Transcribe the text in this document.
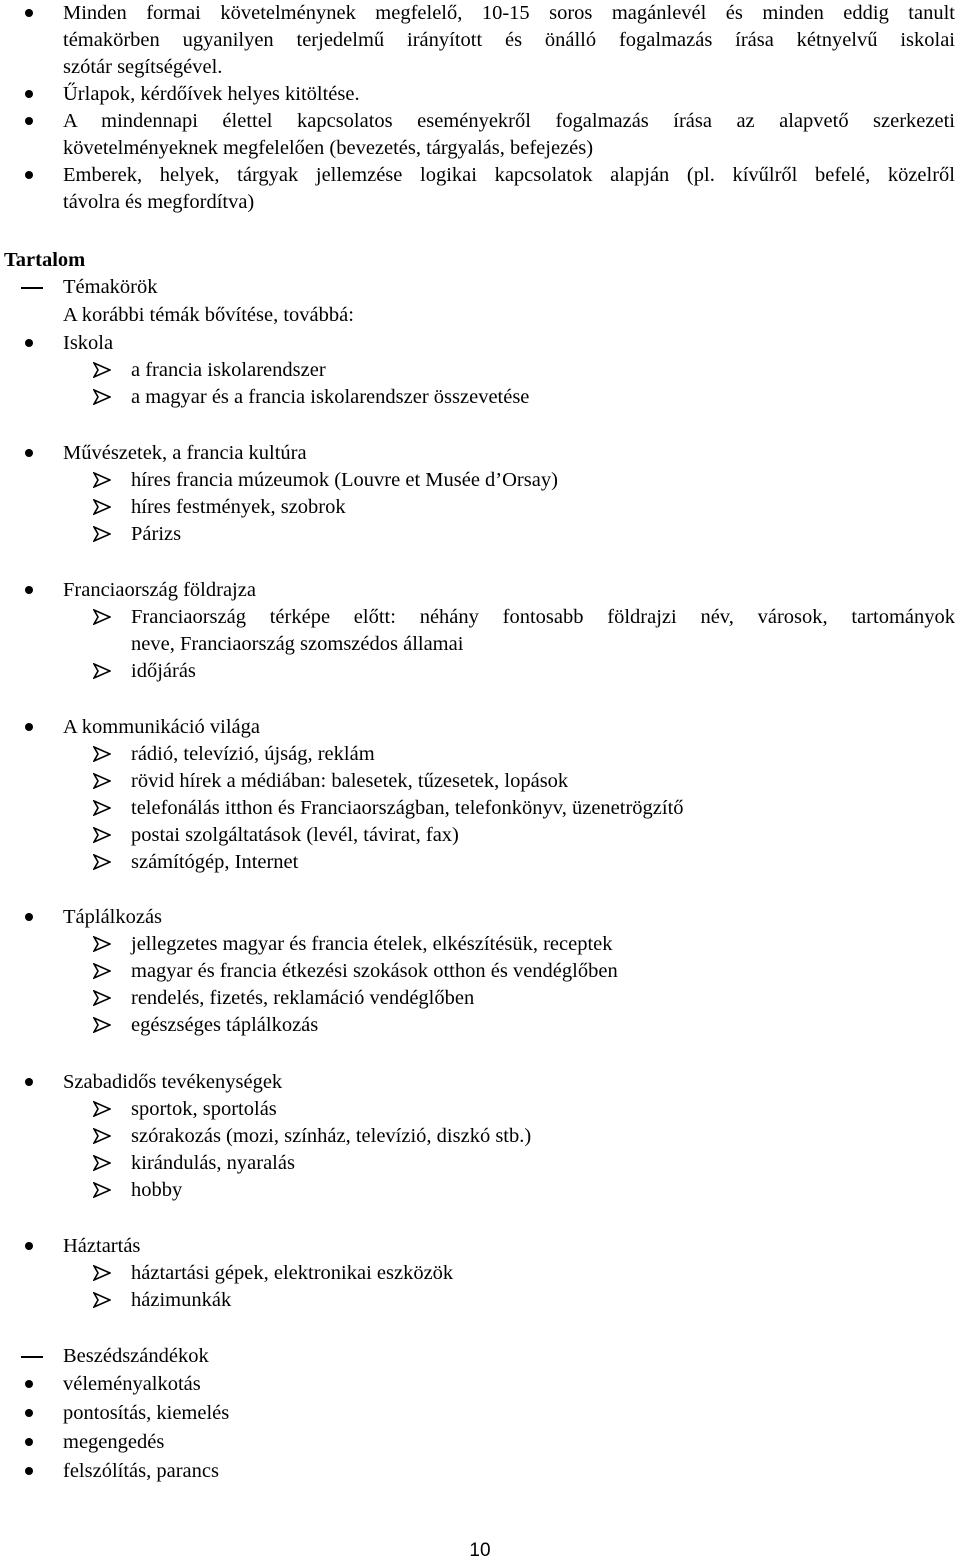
Minden formai követelménynek megfelelő, 10-15 soros magánlevél és minden eddig tanult
témakörben ugyanilyen terjedelmű irányított és önálló fogalmazás írása kétnyelvű iskolai
szótár segítségével.
Űrlapok, kérdőívek helyes kitöltése.
A mindennapi élettel kapcsolatos eseményekről fogalmazás írása az alapvető szerkezeti
követelményeknek megfelelően (bevezetés, tárgyalás, befejezés)
Emberek, helyek, tárgyak jellemzése logikai kapcsolatok alapján (pl. kívűlről befelé, közelről
távolra és megfordítva)
Tartalom
Témakörök
A korábbi témák bővítése, továbbá:
Iskola
a francia iskolarendszer
a magyar és a francia iskolarendszer összevetése
Művészetek, a francia kultúra
híres francia múzeumok (Louvre et Musée d’Orsay)
híres festmények, szobrok
Párizs
Franciaország földrajza
Franciaország térképe előtt: néhány fontosabb földrajzi név, városok, tartományok
neve, Franciaország szomszédos államai
időjárás
A kommunikáció világa
rádió, televízió, újság, reklám
rövid hírek a médiában: balesetek, tűzesetek, lopások
telefonálás itthon és Franciaországban, telefonkönyv, üzenetrögzítő
postai szolgáltatások (levél, távirat, fax)
számítógép, Internet
Táplálkozás
jellegzetes magyar és francia ételek, elkészítésük, receptek
magyar és francia étkezési szokások otthon és vendéglőben
rendelés, fizetés, reklamáció vendéglőben
egészséges táplálkozás
Szabadidős tevékenységek
sportok, sportolás
szórakozás (mozi, színház, televízió, diszkó stb.)
kirándulás, nyaralás
hobby
Háztartás
háztartási gépek, elektronikai eszközök
házimunkák
Beszédszándékok
véleményalkotás
pontosítás, kiemelés
megengedés
felszólítás, parancs
10
